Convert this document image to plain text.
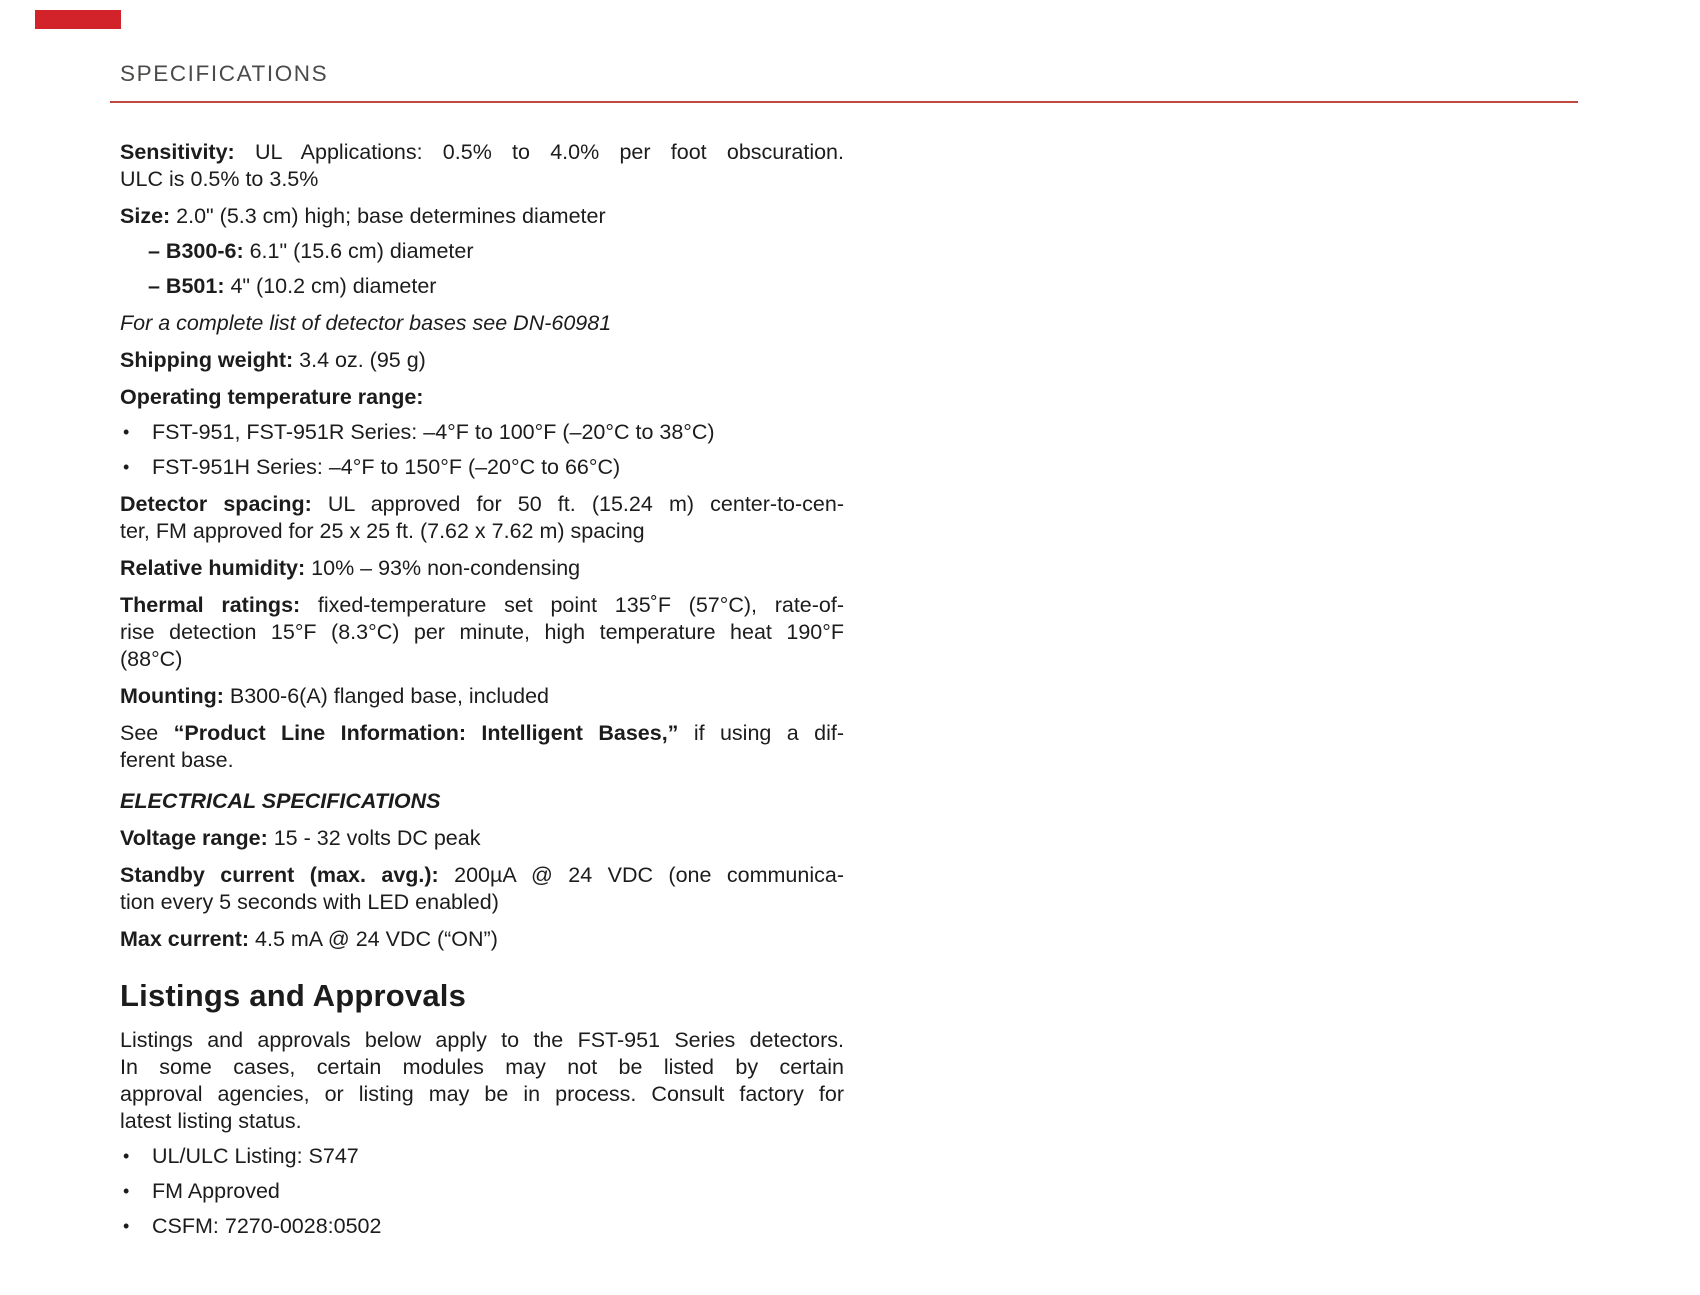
SPECIFICATIONS
Sensitivity: UL Applications: 0.5% to 4.0% per foot obscuration.
ULC is 0.5% to 3.5%
Size: 2.0" (5.3 cm) high; base determines diameter
– B300-6: 6.1" (15.6 cm) diameter
– B501: 4" (10.2 cm) diameter
For a complete list of detector bases see DN-60981
Shipping weight: 3.4 oz. (95 g)
Operating temperature range:
• FST-951, FST-951R Series: –4°F to 100°F (–20°C to 38°C)
• FST-951H Series: –4°F to 150°F (–20°C to 66°C)
Detector spacing: UL approved for 50 ft. (15.24 m) center-to-cen-
ter, FM approved for 25 x 25 ft. (7.62 x 7.62 m) spacing
Relative humidity: 10% – 93% non-condensing
Thermal ratings: fixed-temperature set point 135˚F (57°C), rate-of-
rise detection 15°F (8.3°C) per minute, high temperature heat 190°F
(88°C)
Mounting: B300-6(A) flanged base, included
See “Product Line Information: Intelligent Bases,” if using a dif-
ferent base.
ELECTRICAL SPECIFICATIONS
Voltage range: 15 - 32 volts DC peak
Standby current (max. avg.): 200µA @ 24 VDC (one communica-
tion every 5 seconds with LED enabled)
Max current: 4.5 mA @ 24 VDC (“ON”)
Listings and Approvals
Listings and approvals below apply to the FST-951 Series detectors.
In some cases, certain modules may not be listed by certain
approval agencies, or listing may be in process. Consult factory for
latest listing status.
• UL/ULC Listing: S747
• FM Approved
• CSFM: 7270-0028:0502
